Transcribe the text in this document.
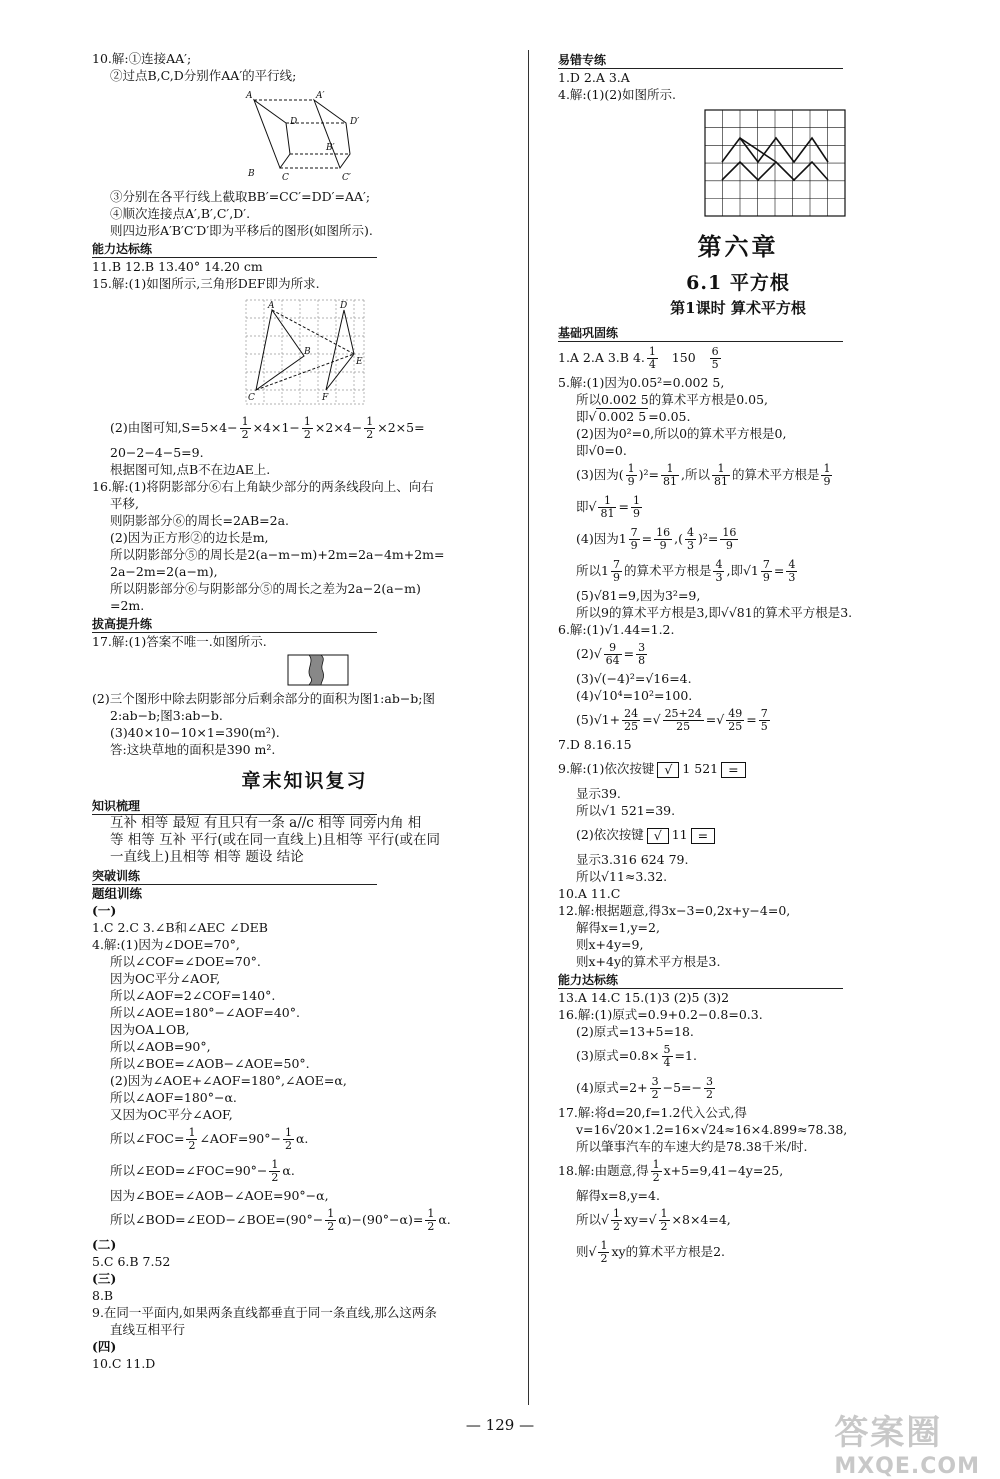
10.解:①连接AA′;
②过点B,C,D分别作AA′的平行线;
A	A′
D	D′
B′
B	C	C′
③分别在各平行线上截取BB′=CC′=DD′=AA′;
④顺次连接点A′,B′,C′,D′.
则四边形A′B′C′D′即为平移后的图形(如图所示).
能力达标练
11.B 12.B 13.40° 14.20 cm
15.解:(1)如图所示,三角形DEF即为所求.
A	D
B
E
C	F
(2)由图可知$,S=5\times 4- \frac{1}{2} \times 4\times 1- \frac{1}{2} \times 2\times 4- \frac{1}{2} \times 2\times 5=$
20−2−4−5=9.
根据图可知,点B不在边AE上.
16.解:(1)将阴影部分⑥右上角缺少部分的两条线段向上、向右
平移,
则阴影部分⑥的周长=2AB=2a.
(2)因为正方形②的边长是m,
所以阴影部分⑤的周长是2(a−m−m)+2m=2a−4m+2m=
2a−2m=2(a−m),
所以阴影部分⑥与阴影部分⑤的周长之差为2a−2(a−m)
=2m.
拔高提升练
17.解:(1)答案不唯一.如图所示.
(2)三个图形中除去阴影部分后剩余部分的面积为图1:ab−b;图
2:ab−b;图3:ab−b.
(3)40×10−10×1=390(m²).
答:这块草地的面积是390 m².
章末知识复习
知识梳理
互补 相等 最短 有且只有一条 a//c 相等 同旁内角 相
等 相等 互补 平行(或在同一直线上)且相等 平行(或在同
一直线上)且相等 相等 题设 结论
突破训练
题组训练
(一)
1.C 2.C 3.∠B和∠AEC ∠DEB
4.解:(1)因为∠DOE=70°,
所以∠COF=∠DOE=70°.
因为OC平分∠AOF,
所以∠AOF=2∠COF=140°.
所以∠AOE=180°−∠AOF=40°.
因为OA⊥OB,
所以∠AOB=90°,
所以∠BOE=∠AOB−∠AOE=50°.
(2)因为∠AOE+∠AOF=180°,∠AOE=α,
所以∠AOF=180°−α.
又因为OC平分∠AOF,
所以∠FOC= $\frac{1}{2}$ ∠AOF=90°− $\frac{1}{2} \alpha$.
所以∠EOD=∠FOC=90°− $\frac{1}{2} \alpha$.
因为∠BOE=∠AOB−∠AOE=90°−α,
所以∠BOD=∠EOD−∠BOE=(90°− $\frac{1}{2} \alpha)-(90^\circ-\alpha)= \frac{1}{2} \alpha$.
(二)
5.C 6.B 7.52
(三)
8.B
9.在同一平面内,如果两条直线都垂直于同一条直线,那么这两条
直线互相平行
(四)
10.C 11.D
易错专练
1.D 2.A 3.A
4.解:(1)(2)如图所示.
第六章
6.1 平方根
第1课时 算术平方根
基础巩固练
1.A 2.A 3.B 4. $\frac{1}{4} 150 \frac{6}{5}$
5.解:(1)因为0.05²=0.002 5,
所以0.002 5的算术平方根是0.05,
即√ 0.002 5 =0.05.
(2)因为0²=0,所以0的算术平方根是0,
即√0=0.
(3)因为( $\frac{1}{9} )^2= \frac{1}{81}$ ,所以 $\frac{1}{81}$ 的算术平方根是 $\frac{1}{9}$
即√ $\frac{1}{81} = \frac{1}{9}$
(4)因为$1 \frac{7}{9} = \frac{16}{9}$ ,( $\frac{4}{3} )^2= \frac{16}{9}$
所以$1 \frac{7}{9}$ 的算术平方根是 $\frac{4}{3}$ ,即$√1 \frac{7}{9} = \frac{4}{3}$
(5)√81=9,因为3²=9,
所以9的算术平方根是3,即√√81的算术平方根是3.
6.解:(1)√1.44=1.2.
$(2)√ \frac{9}{64} = \frac{3}{8}$
(3)√(−4)²=√16=4.
(4)√10⁴=10²=100.
$(5)√1+ \frac{24}{25}$ =√ $\frac{25+24}{25}$ =√ $\frac{49}{25} = \frac{7}{5}$
7.D 8.16.15
9.解:(1)依次按键 √ 1 521 =
显示39.
所以√1 521=39.
(2)依次按键 √ 11 =
显示3.316 624 79.
所以√11≈3.32.
10.A 11.C
12.解:根据题意,得3x−3=0,2x+y−4=0,
解得x=1,y=2,
则x+4y=9,
则x+4y的算术平方根是3.
能力达标练
13.A 14.C 15.(1)3 (2)5 (3)2
16.解:(1)原式=0.9+0.2−0.8=0.3.
(2)原式=13+5=18.
(3)原式$=0.8\times \frac{5}{4} =1$.
(4)原式$=2+ \frac{3}{2} -5=- \frac{3}{2}$
17.解:将d=20,f=1.2代入公式,得
v=16√20×1.2=16×√24≈16×4.899≈78.38,
所以肇事汽车的车速大约是78.38千米/时.
18.解:由题意,得 $\frac{1}{2} x+5=9,41-4y=25$,
解得x=8,y=4.
所以√ $\frac{1}{2} xy=√ \frac{1}{2} \times 8\times 4=4$,
则√ $\frac{1}{2}$ xy的算术平方根是2.
— 129 —	答案圈
MXQE.COM
